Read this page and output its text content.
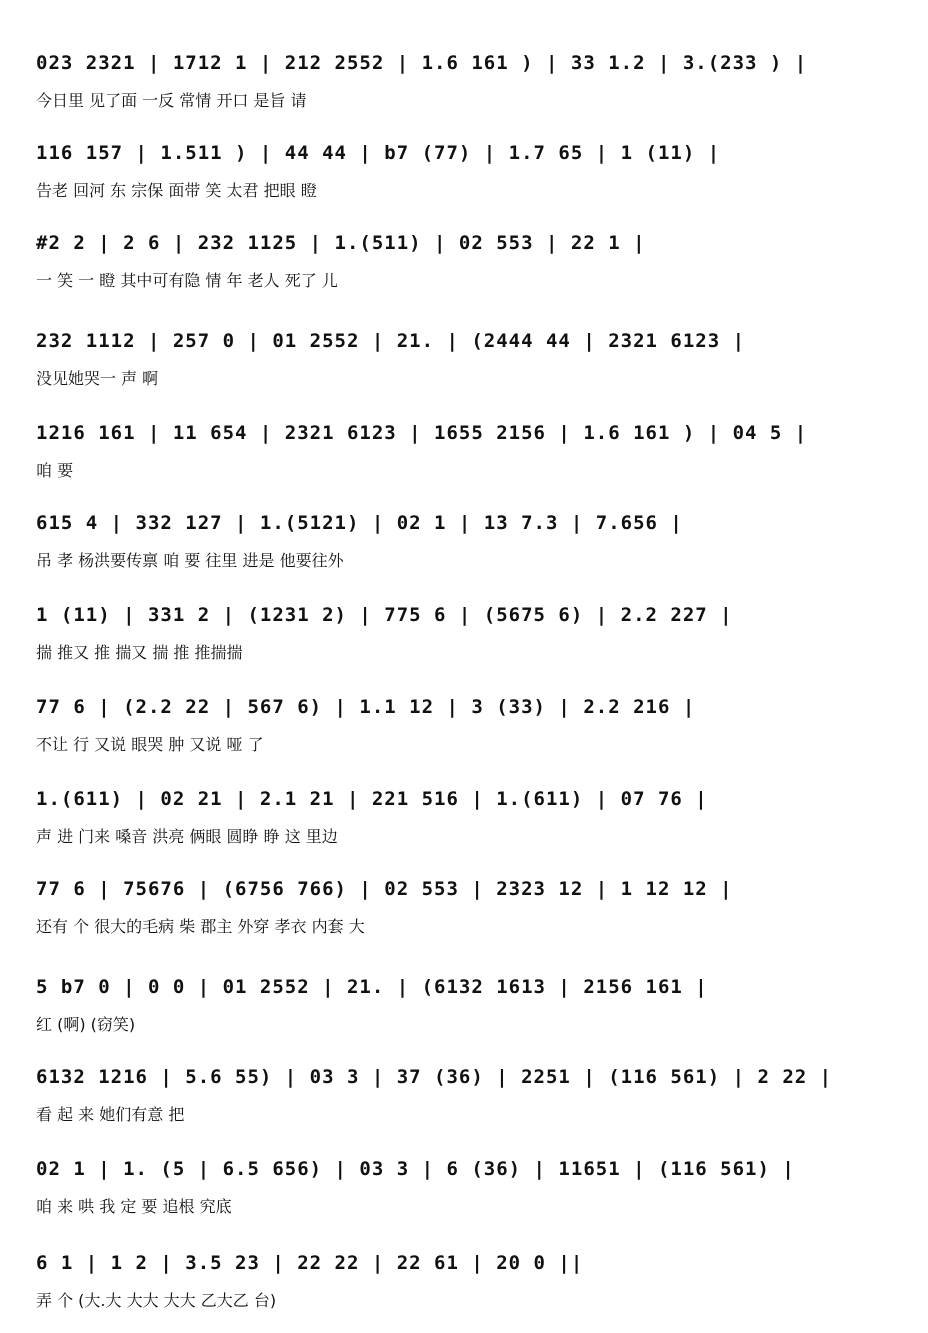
023 2321 | 1712 1 | 212 2552 | 1.6 161 ) | 33 1.2 | 3.(233 ) |
今日里 见了面 一反 常情 开口 是旨 请
116 157 | 1.511 ) | 44 44 | b7 (77) | 1.7 65 | 1 (11) |
告老 回河 东 宗保 面带 笑 太君 把眼 瞪
#2 2 | 2 6 | 232 1125 | 1.(511) | 02 553 | 22 1 |
一 笑 一 瞪 其中可有隐 情 年 老人 死了 儿
232 1112 | 257 0 | 01 2552 | 21. | (2444 44 | 2321 6123 |
没见她哭一 声 啊
1216 161 | 11 654 | 2321 6123 | 1655 2156 | 1.6 161 ) | 04 5 |
咱 要
615 4 | 332 127 | 1.(5121) | 02 1 | 13 7.3 | 7.656 |
吊 孝 杨洪要传禀 咱 要 往里 进是 他要往外
1 (11) | 331 2 | (1231 2) | 775 6 | (5675 6) | 2.2 227 |
揣 推又 推 揣又 揣 推 推揣揣
77 6 | (2.2 22 | 567 6) | 1.1 12 | 3 (33) | 2.2 216 |
不让 行 又说 眼哭 肿 又说 哑 了
1.(611) | 02 21 | 2.1 21 | 221 516 | 1.(611) | 07 76 |
声 进 门来 嗓音 洪亮 俩眼 圆睁 睁 这 里边
77 6 | 75676 | (6756 766) | 02 553 | 2323 12 | 1 12 12 |
还有 个 很大的毛病 柴 郡主 外穿 孝衣 内套 大
5 b7 0 | 0 0 | 01 2552 | 21. | (6132 1613 | 2156 161 |
红 (啊) (窃笑)
6132 1216 | 5.6 55) | 03 3 | 37 (36) | 2251 | (116 561) | 2 22 |
看 起 来 她们有意 把
02 1 | 1. (5 | 6.5 656) | 03 3 | 6 (36) | 11651 | (116 561) |
咱 来 哄 我 定 要 追根 究底
6 1 | 1 2 | 3.5 23 | 22 22 | 22 61 | 20 0 ||
弄 个 (大.大 大大 大大 乙大乙 台)
